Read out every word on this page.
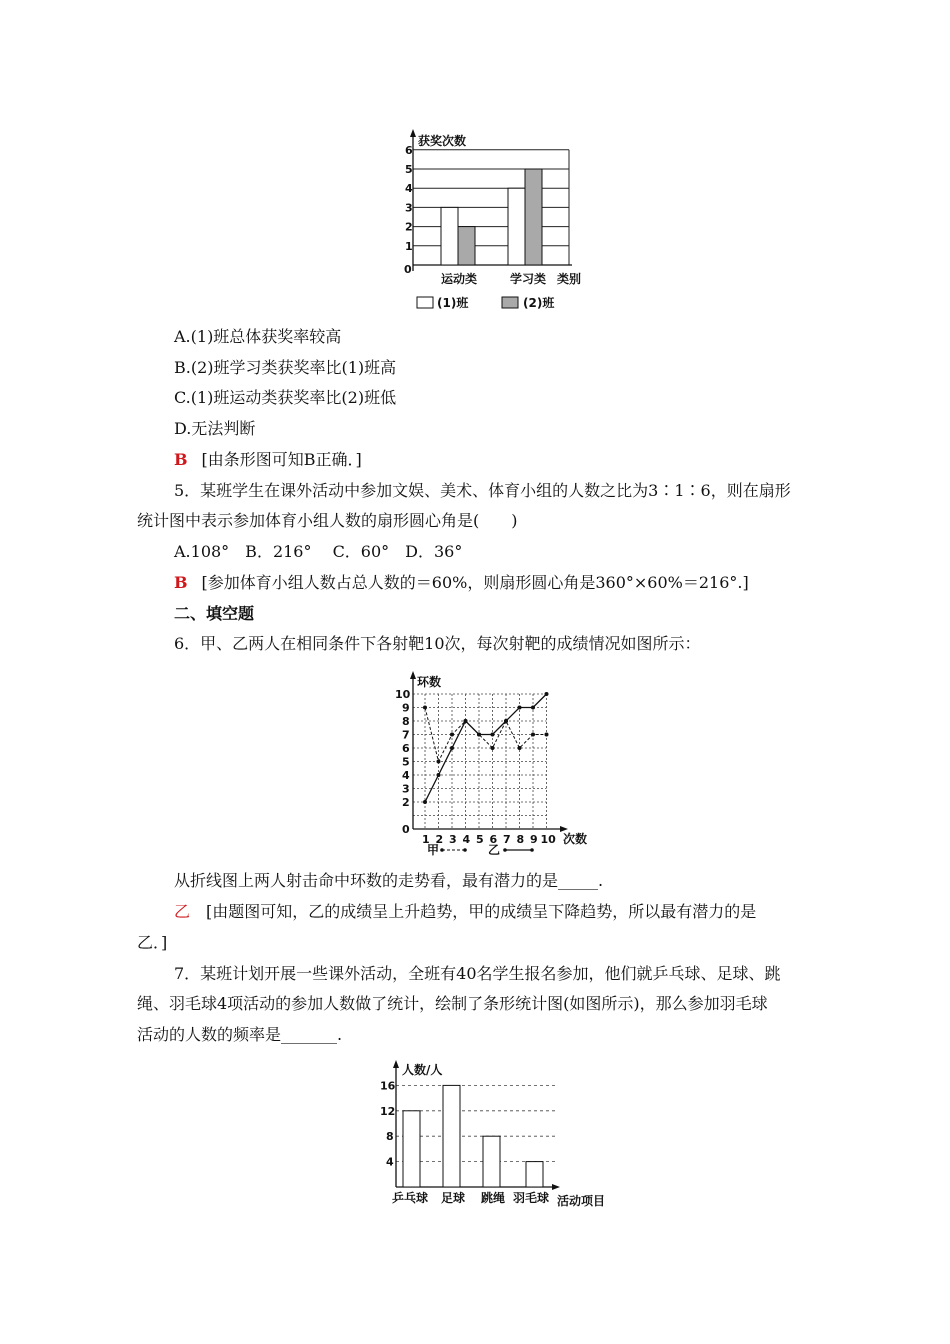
获奖次数
类别
0
1
2
3
4
5
6
运动类	学习类
(1)班	(2)班
A.(1)班总体获奖率较高
B.(2)班学习类获奖率比(1)班高
C.(1)班运动类获奖率比(2)班低
D.无法判断
B [由条形图可知B正确．]
5．某班学生在课外活动中参加文娱、美术、体育小组的人数之比为3∶1∶6，则在扇形
统计图中表示参加体育小组人数的扇形圆心角是(　　)
A.108°　B．216°　 C．60°　D．36°
B [参加体育小组人数占总人数的＝60%，则扇形圆心角是360°×60%＝216°.]
二、填空题
6．甲、乙两人在相同条件下各射靶10次，每次射靶的成绩情况如图所示：
环数
次数
0
2
3
4
5
6
7
8
9
10
1 2 3 4 5 6 7 8 9 10
甲	乙
从折线图上两人射击命中环数的走势看，最有潜力的是_____.
乙 [由题图可知，乙的成绩呈上升趋势，甲的成绩呈下降趋势，所以最有潜力的是
乙．]
7．某班计划开展一些课外活动，全班有40名学生报名参加，他们就乒乓球、足球、跳
绳、羽毛球4项活动的参加人数做了统计，绘制了条形统计图(如图所示)，那么参加羽毛球
活动的人数的频率是_______.
人数/人
活动项目
4
8
12
16
乒乓球 足球 跳绳 羽毛球
